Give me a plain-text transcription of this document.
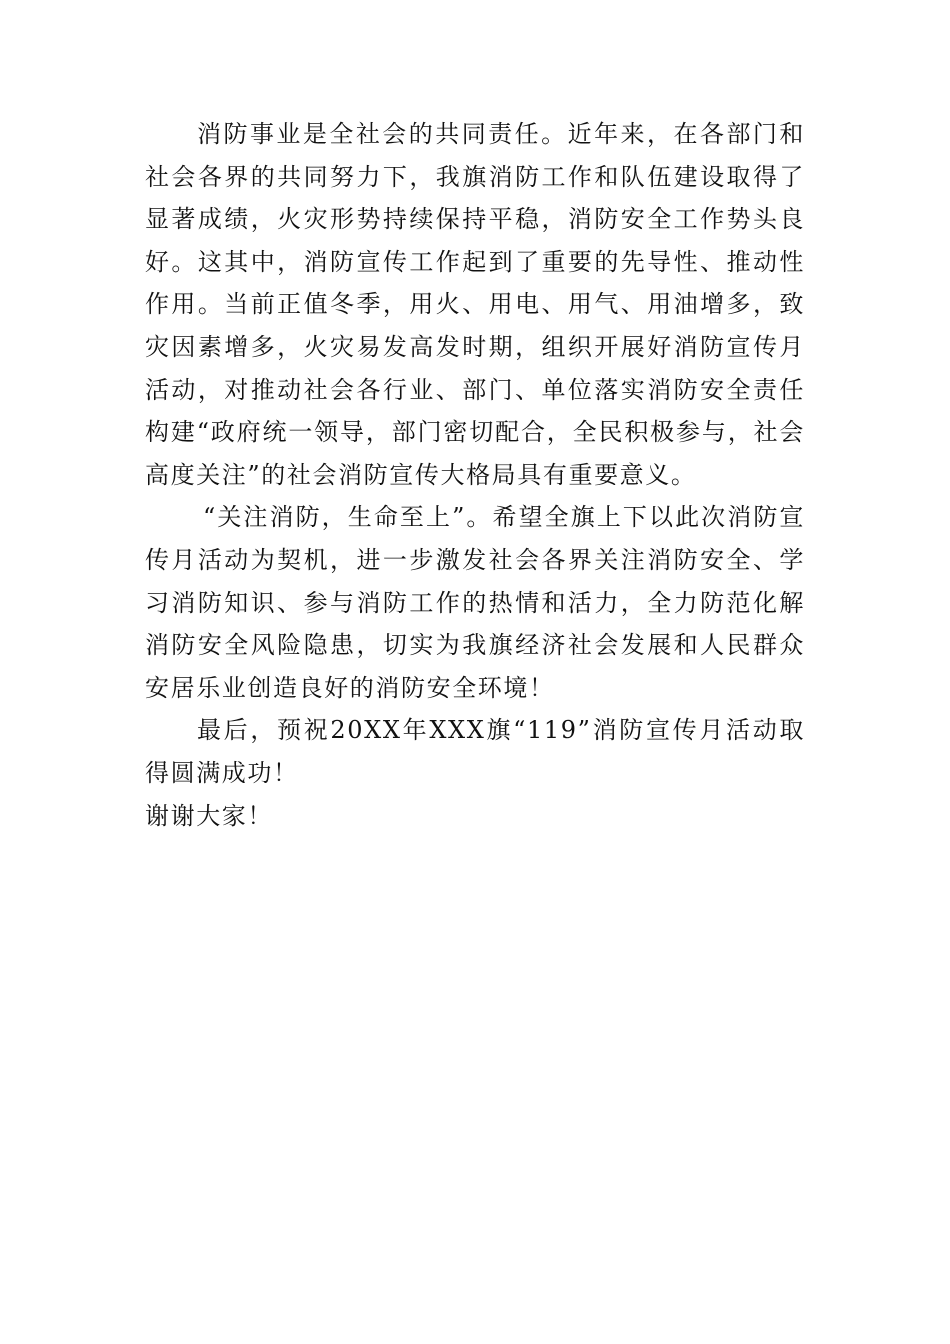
消防事业是全社会的共同责任。近年来，在各部门和社会各界的共同努力下，我旗消防工作和队伍建设取得了显著成绩，火灾形势持续保持平稳，消防安全工作势头良好。这其中，消防宣传工作起到了重要的先导性、推动性作用。当前正值冬季，用火、用电、用气、用油增多，致灾因素增多，火灾易发高发时期，组织开展好消防宣传月活动，对推动社会各行业、部门、单位落实消防安全责任构建“政府统一领导，部门密切配合，全民积极参与，社会高度关注”的社会消防宣传大格局具有重要意义。

“关注消防，生命至上”。希望全旗上下以此次消防宣传月活动为契机，进一步激发社会各界关注消防安全、学习消防知识、参与消防工作的热情和活力，全力防范化解消防安全风险隐患，切实为我旗经济社会发展和人民群众安居乐业创造良好的消防安全环境！

最后，预祝20XX年XXX旗“119”消防宣传月活动取得圆满成功！

谢谢大家！
